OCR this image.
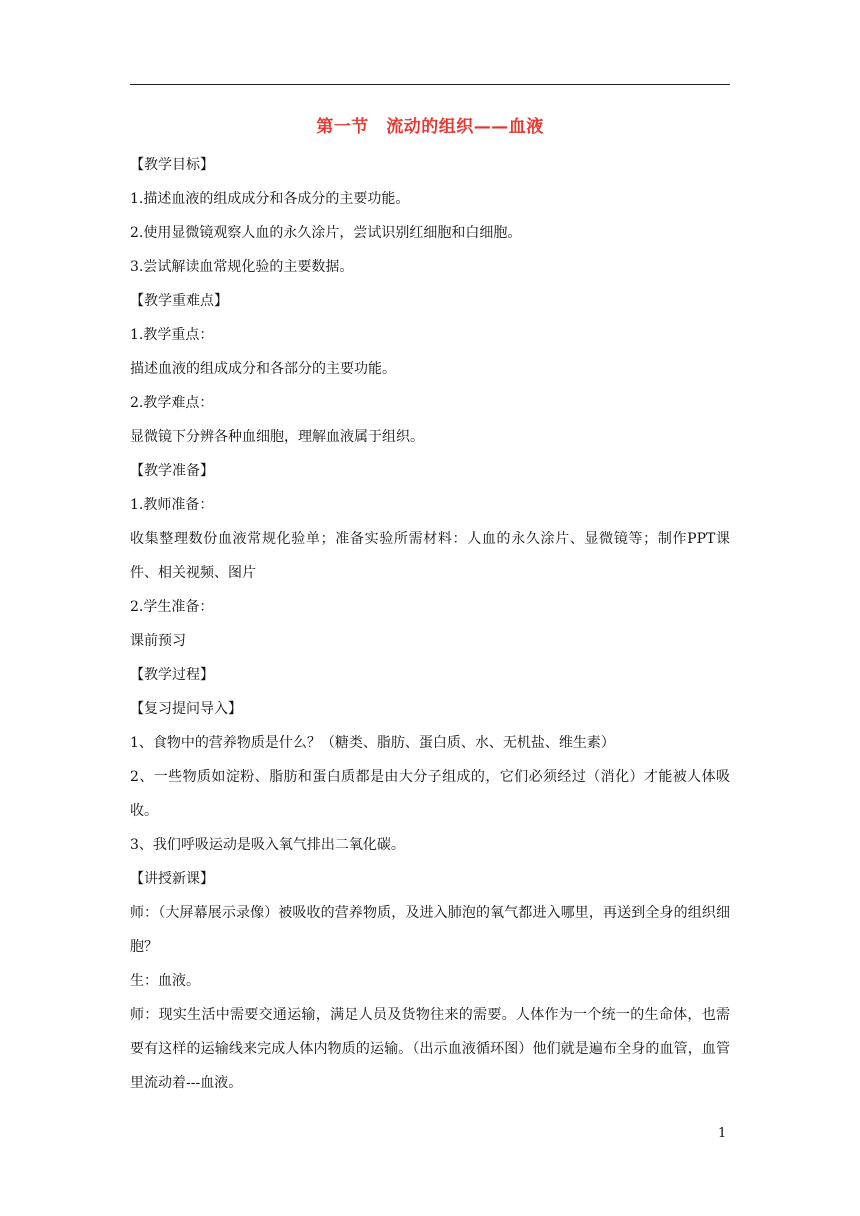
第一节　流动的组织——血液

【教学目标】

1.描述血液的组成成分和各成分的主要功能。

2.使用显微镜观察人血的永久涂片，尝试识别红细胞和白细胞。

3.尝试解读血常规化验的主要数据。

【教学重难点】

1.教学重点：

描述血液的组成成分和各部分的主要功能。

2.教学难点：

显微镜下分辨各种血细胞，理解血液属于组织。

【教学准备】

1.教师准备：

收集整理数份血液常规化验单；准备实验所需材料：人血的永久涂片、显微镜等；制作PPT课件、相关视频、图片

2.学生准备：

课前预习

【教学过程】

【复习提问导入】

1、食物中的营养物质是什么？（糖类、脂肪、蛋白质、水、无机盐、维生素）

2、一些物质如淀粉、脂肪和蛋白质都是由大分子组成的，它们必须经过（消化）才能被人体吸收。

3、我们呼吸运动是吸入氧气排出二氧化碳。

【讲授新课】

师：（大屏幕展示录像）被吸收的营养物质，及进入肺泡的氧气都进入哪里，再送到全身的组织细胞？

生：血液。

师：现实生活中需要交通运输，满足人员及货物往来的需要。人体作为一个统一的生命体，也需要有这样的运输线来完成人体内物质的运输。（出示血液循环图）他们就是遍布全身的血管，血管里流动着---血液。

1
